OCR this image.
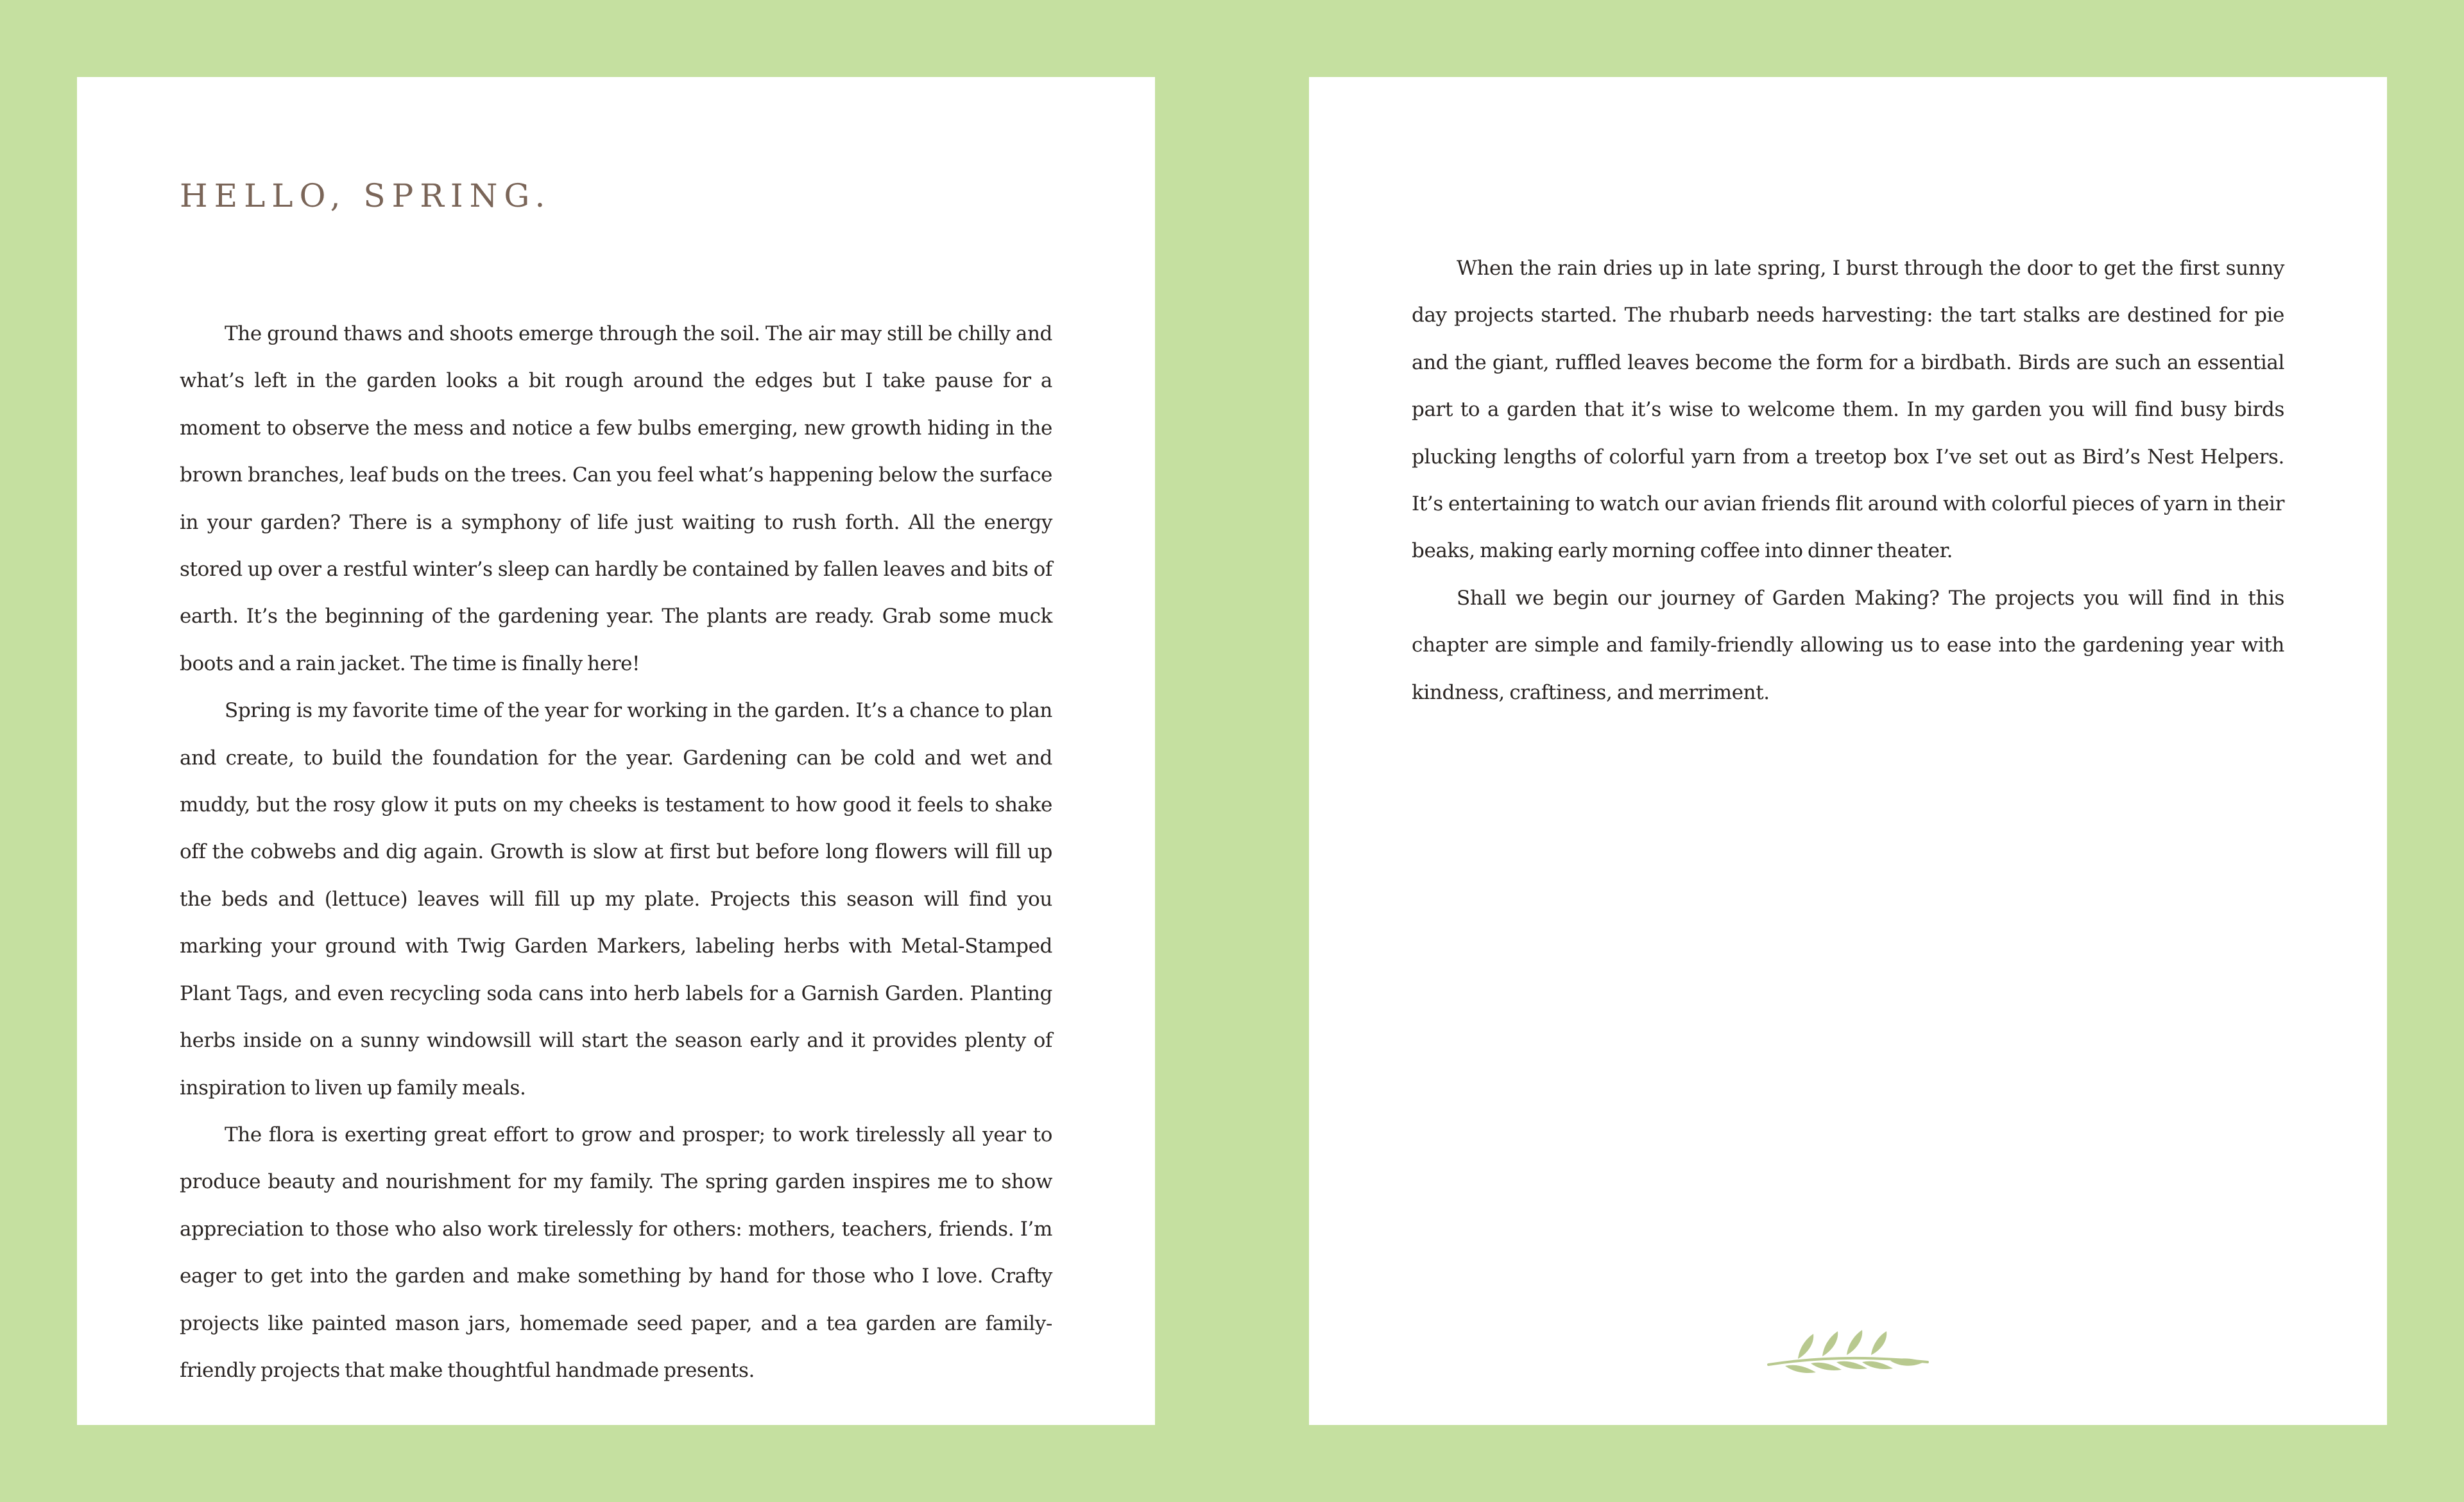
HELLO, SPRING.

The ground thaws and shoots emerge through the soil. The air may still be chilly and what’s left in the garden looks a bit rough around the edges but I take pause for a moment to observe the mess and notice a few bulbs emerging, new growth hiding in the brown branches, leaf buds on the trees. Can you feel what’s happening below the surface in your garden? There is a symphony of life just waiting to rush forth. All the energy stored up over a restful winter’s sleep can hardly be contained by fallen leaves and bits of earth. It’s the beginning of the gardening year. The plants are ready. Grab some muck boots and a rain jacket. The time is finally here!

Spring is my favorite time of the year for working in the garden. It’s a chance to plan and create, to build the foundation for the year. Gardening can be cold and wet and muddy, but the rosy glow it puts on my cheeks is testament to how good it feels to shake off the cobwebs and dig again. Growth is slow at first but before long flowers will fill up the beds and (lettuce) leaves will fill up my plate. Projects this season will find you marking your ground with Twig Garden Markers, labeling herbs with Metal-Stamped Plant Tags, and even recycling soda cans into herb labels for a Garnish Garden. Planting herbs inside on a sunny windowsill will start the season early and it provides plenty of inspiration to liven up family meals.

The flora is exerting great effort to grow and prosper; to work tirelessly all year to produce beauty and nourishment for my family. The spring garden inspires me to show appreciation to those who also work tirelessly for others: mothers, teachers, friends. I’m eager to get into the garden and make something by hand for those who I love. Crafty projects like painted mason jars, homemade seed paper, and a tea garden are family-friendly projects that make thoughtful handmade presents.

When the rain dries up in late spring, I burst through the door to get the first sunny day projects started. The rhubarb needs harvesting: the tart stalks are destined for pie and the giant, ruffled leaves become the form for a birdbath. Birds are such an essential part to a garden that it’s wise to welcome them. In my garden you will find busy birds plucking lengths of colorful yarn from a treetop box I’ve set out as Bird’s Nest Helpers. It’s entertaining to watch our avian friends flit around with colorful pieces of yarn in their beaks, making early morning coffee into dinner theater.

Shall we begin our journey of Garden Making? The projects you will find in this chapter are simple and family-friendly allowing us to ease into the gardening year with kindness, craftiness, and merriment.
